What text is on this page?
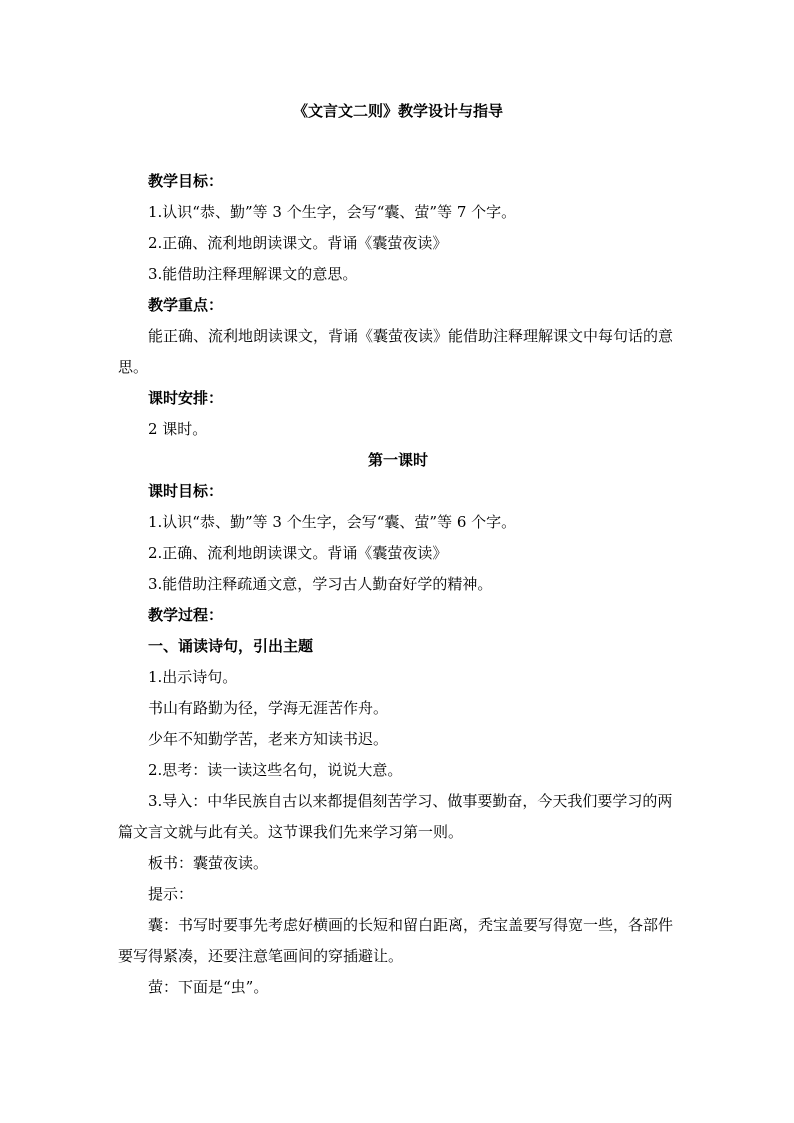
《文言文二则》教学设计与指导
教学目标：
1.认识“恭、勤”等 3 个生字，会写“囊、萤”等 7 个字。
2.正确、流利地朗读课文。背诵《囊萤夜读》
3.能借助注释理解课文的意思。
教学重点：

能正确、流利地朗读课文，背诵《囊萤夜读》能借助注释理解课文中每句话的意思。

课时安排：
2 课时。
第一课时
课时目标：
1.认识“恭、勤”等 3 个生字，会写“囊、萤”等 6 个字。
2.正确、流利地朗读课文。背诵《囊萤夜读》
3.能借助注释疏通文意，学习古人勤奋好学的精神。
教学过程：
一、诵读诗句，引出主题
1.出示诗句。
书山有路勤为径，学海无涯苦作舟。
少年不知勤学苦，老来方知读书迟。
2.思考：读一读这些名句，说说大意。

3.导入：中华民族自古以来都提倡刻苦学习、做事要勤奋，今天我们要学习的两篇文言文就与此有关。这节课我们先来学习第一则。

板书：囊萤夜读。
提示：

囊：书写时要事先考虑好横画的长短和留白距离，秃宝盖要写得宽一些，各部件要写得紧凑，还要注意笔画间的穿插避让。

萤：下面是“虫”。
